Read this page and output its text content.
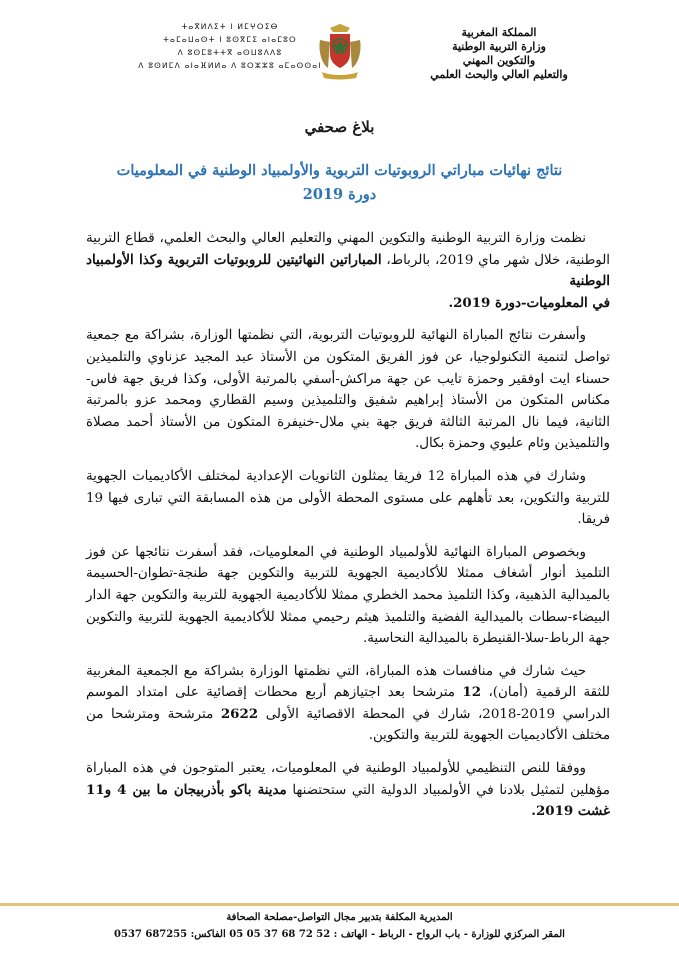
المملكة المغربية
وزارة التربية الوطنية
والتكوين المهني
والتعليم العالي والبحث العلمي
ⵜⴰⴳⵍⴷⵉⵜ ⵏ ⵍⵎⵖⵔⵉⴱ
ⵜⴰⵎⴰⵡⴰⵙⵜ ⵏ ⵓⵙⴳⵎⵉ ⴰⵏⴰⵎⵓⵔ
ⴷ ⵓⵙⵎⵓⵜⵜⴳ ⴰⵙⵡⵓⴷⴷⵓ
ⴷ ⵓⵙⵍⵎⴷ ⴰⵏⴰⴼⵍⵍⴰ ⴷ ⵓⵔⵣⵣⵓ ⴰⵎⴰⵙⵙⴰⵏ
بلاغ صحفي
نتائج نهائيات مباراتي الروبوتيات التربوية والأولمبياد الوطنية في المعلوميات
دورة 2019

نظمت وزارة التربية الوطنية والتكوين المهني والتعليم العالي والبحث العلمي، قطاع التربية الوطنية، خلال شهر ماي 2019، بالرباط، المباراتين النهائيتين للروبوتيات التربوية وكذا الأولمبياد الوطنية
في المعلوميات-دورة 2019.

وأسفرت نتائج المباراة النهائية للروبوتيات التربوية، التي نظمتها الوزارة، بشراكة مع جمعية تواصل لتنمية التكنولوجيا، عن فوز الفريق المتكون من الأستاذ عبد المجيد عزناوي والتلميذين حسناء ايت اوفقير وحمزة تايب عن جهة مراكش-أسفي بالمرتبة الأولى، وكذا فريق جهة فاس-مكناس المتكون من الأستاذ إبراهيم شفيق والتلميذين وسيم القطاري ومحمد عزو بالمرتبة الثانية، فيما نال المرتبة الثالثة فريق جهة بني ملال-خنيفرة المتكون من الأستاذ أحمد مصلاة والتلميذين وئام عليوي وحمزة بكال.

وشارك في هذه المباراة 12 فريقا يمثلون الثانويات الإعدادية لمختلف الأكاديميات الجهوية للتربية والتكوين، بعد تأهلهم على مستوى المحطة الأولى من هذه المسابقة التي تبارى فيها 19 فريقا.

وبخصوص المباراة النهائية للأولمبياد الوطنية في المعلوميات، فقد أسفرت نتائجها عن فوز التلميذ أنوار أشغاف ممثلا للأكاديمية الجهوية للتربية والتكوين جهة طنجة-تطوان-الحسيمة بالميدالية الذهبية، وكذا التلميذ محمد الخطري ممثلا للأكاديمية الجهوية للتربية والتكوين جهة الدار البيضاء-سطات بالميدالية الفضية والتلميذ هيثم رحيمي ممثلا للأكاديمية الجهوية للتربية والتكوين جهة الرباط-سلا-القنيطرة بالميدالية النحاسية.

حيث شارك في منافسات هذه المباراة، التي نظمتها الوزارة بشراكة مع الجمعية المغربية للثقة الرقمية (أمان)، 12 مترشحا بعد اجتيازهم أربع محطات إقصائية على امتداد الموسم الدراسي 2019-2018، شارك في المحطة الاقصائية الأولى 2622 مترشحة ومترشحا من مختلف الأكاديميات الجهوية للتربية والتكوين.

ووفقا للنص التنظيمي للأولمبياد الوطنية في المعلوميات، يعتبر المتوجون في هذه المباراة مؤهلين لتمثيل بلادنا في الأولمبياد الدولية التي ستحتضنها مدينة باكو بأذربيجان ما بين 4 و11 غشت 2019.

المديرية المكلفة بتدبير مجال التواصل-مصلحة الصحافة
المقر المركزي للوزارة - باب الرواح - الرباط - الهاتف : 52 72 68 37 05 05 الفاكس: 687255 0537
